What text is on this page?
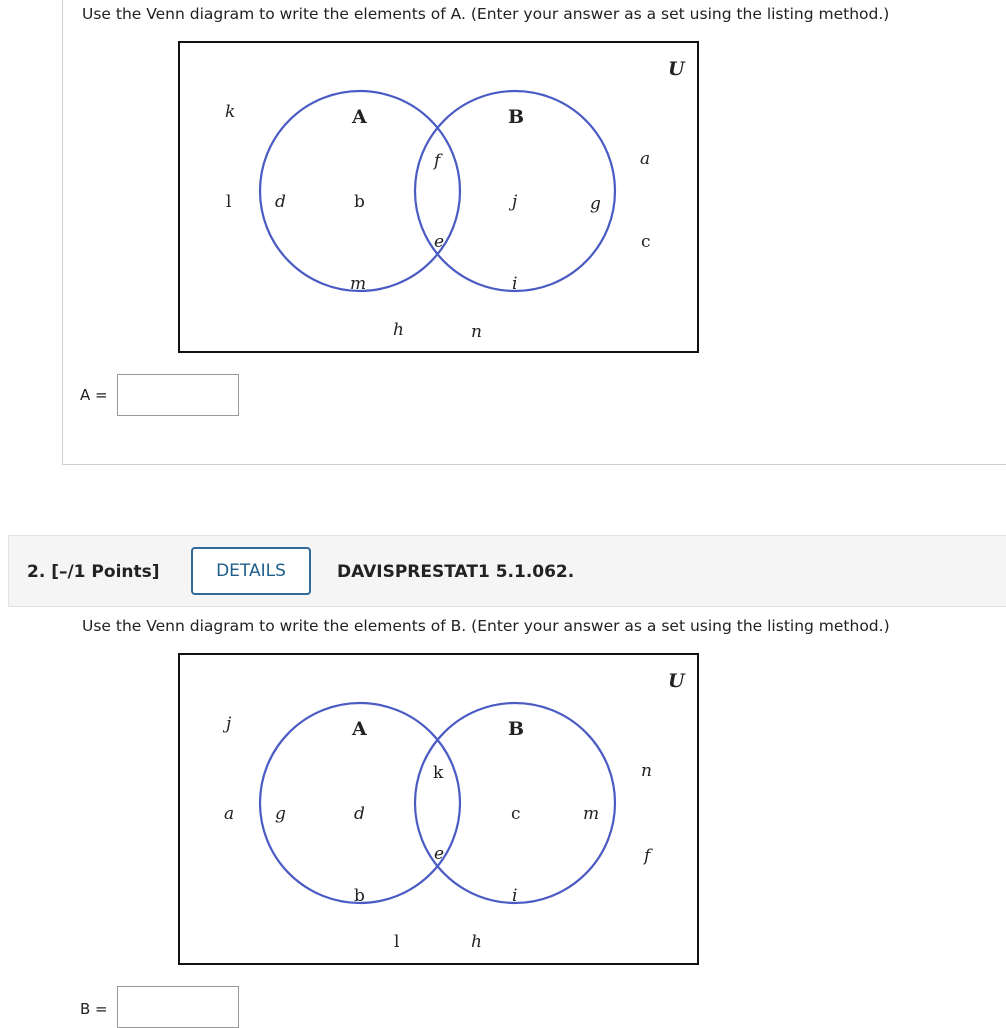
Use the Venn diagram to write the elements of A. (Enter your answer as a set using the listing method.)
U
A	B
k
l
a
c
h	n
d	b
m
f
e
j	g
i
A =
2. [–/1 Points]	DETAILS	DAVISPRESTAT1 5.1.062.
Use the Venn diagram to write the elements of B. (Enter your answer as a set using the listing method.)
U
A	B
j
a
n
f
l	h
g	d
b
k
e
c	m
i
B =
